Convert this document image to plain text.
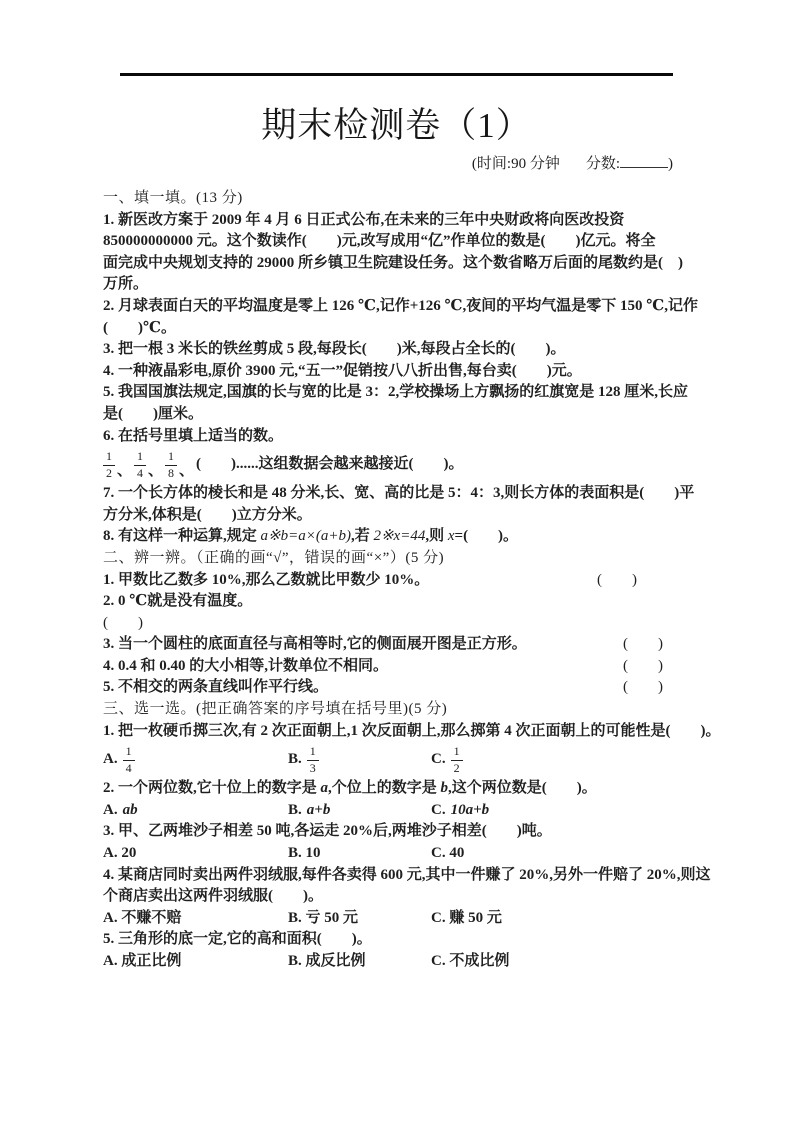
期末检测卷（1）
(时间:90 分钟 分数:	)
一、填一填。(13 分)
1. 新医改方案于 2009 年 4 月 6 日正式公布,在未来的三年中央财政将向医改投资
850000000000 元。这个数读作(　　)元,改写成用“亿”作单位的数是(　　)亿元。将全
面完成中央规划支持的 29000 所乡镇卫生院建设任务。这个数省略万后面的尾数约是(　)
万所。
2. 月球表面白天的平均温度是零上 126 ℃,记作+126 ℃,夜间的平均气温是零下 150 ℃,记作
(　　)℃。
3. 把一根 3 米长的铁丝剪成 5 段,每段长(　　)米,每段占全长的(　　)。
4. 一种液晶彩电,原价 3900 元,“五一”促销按八八折出售,每台卖(　　)元。
5. 我国国旗法规定,国旗的长与宽的比是 3：2,学校操场上方飘扬的红旗宽是 128 厘米,长应
是(　　)厘米。
6. 在括号里填上适当的数。
$\frac{1}{2}$ 、 $\frac{1}{4}$ 、 $\frac{1}{8}$ 、 (　　)......这组数据会越来越接近(　　)。
7. 一个长方体的棱长和是 48 分米,长、宽、高的比是 5：4：3,则长方体的表面积是(　　)平
方分米,体积是(　　)立方分米。
8. 有这样一种运算,规定 a※b=a×(a+b),若 2※x=44,则 x=(　　)。
二、辨一辨。（正确的画“√”，错误的画“×”）(5 分)
1. 甲数比乙数多 10%,那么乙数就比甲数少 10%。	(　　)
2. 0 ℃就是没有温度。
(　　)
3. 当一个圆柱的底面直径与高相等时,它的侧面展开图是正方形。	(　　)
4. 0.4 和 0.40 的大小相等,计数单位不相同。	(　　)
5. 不相交的两条直线叫作平行线。	(　　)
三、选一选。(把正确答案的序号填在括号里)(5 分)
1. 把一枚硬币掷三次,有 2 次正面朝上,1 次反面朝上,那么掷第 4 次正面朝上的可能性是(　　)。
A. $\frac{1}{4}$	B. $\frac{1}{3}$	C. $\frac{1}{2}$
2. 一个两位数,它十位上的数字是 a,个位上的数字是 b,这个两位数是(　　)。
A. ab	B. a+b	C. 10a+b
3. 甲、乙两堆沙子相差 50 吨,各运走 20%后,两堆沙子相差(　　)吨。
A. 20	B. 10	C. 40
4. 某商店同时卖出两件羽绒服,每件各卖得 600 元,其中一件赚了 20%,另外一件赔了 20%,则这
个商店卖出这两件羽绒服(　　)。
A. 不赚不赔	B. 亏 50 元	C. 赚 50 元
5. 三角形的底一定,它的高和面积(　　)。
A. 成正比例	B. 成反比例	C. 不成比例
